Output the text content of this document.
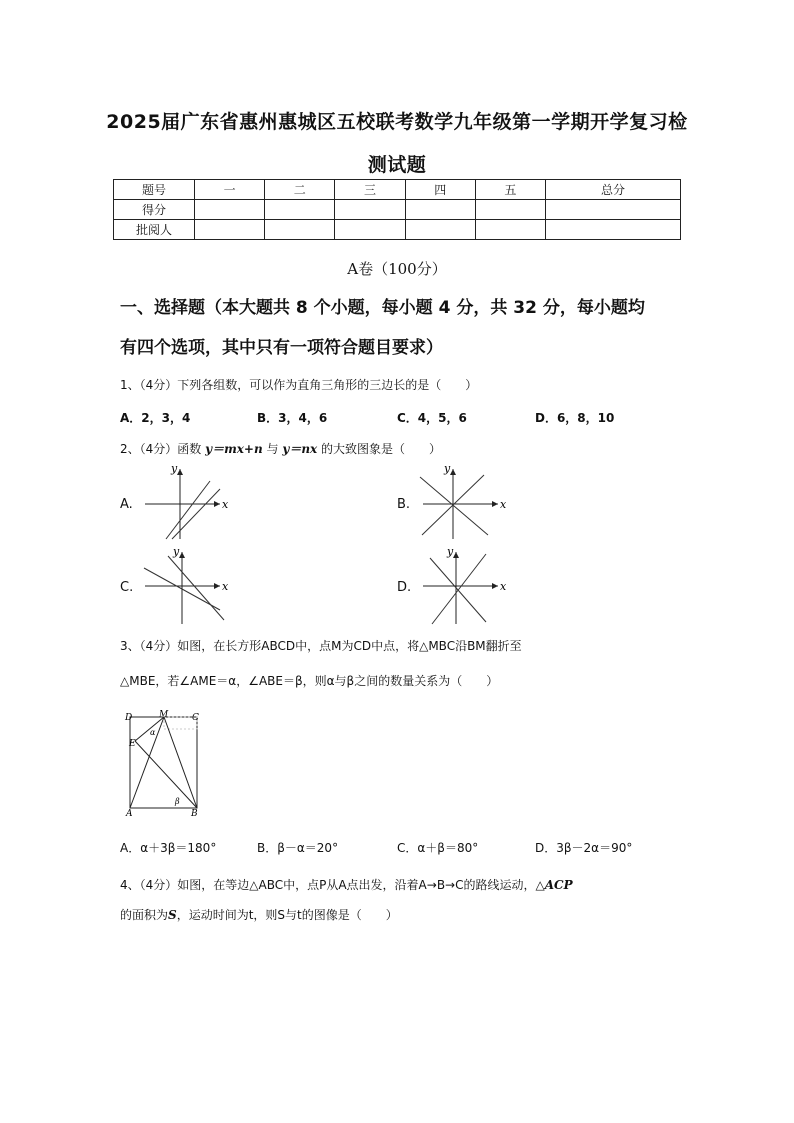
2025届广东省惠州惠城区五校联考数学九年级第一学期开学复习检
测试题
题号	一	二	三	四	五	总分
得分						
批阅人						
A卷（100分）
一、选择题（本大题共 8 个小题，每小题 4 分，共 32 分，每小题均
有四个选项，其中只有一项符合题目要求）
1、（4分）下列各组数，可以作为直角三角形的三边长的是（　　）
A．2，3，4	B．3，4，6	C．4，5，6	D．6，8，10
2、（4分）函数 y＝mx+n 与 y＝nx 的大致图象是（　　）
A.	x
y
B.	x
y
C.	x
y
D.	x
y
3、（4分）如图，在长方形ABCD中，点M为CD中点，将△MBC沿BM翻折至
△MBE，若∠AME＝α，∠ABE＝β，则α与β之间的数量关系为（　　）
D	M	C
E
A	B
α
β
A．α＋3β＝180°	B．β－α＝20°	C．α＋β＝80°	D．3β－2α＝90°
4、（4分）如图，在等边△ABC中，点P从A点出发，沿着A→B→C的路线运动，△ACP
的面积为S，运动时间为t，则S与t的图像是（　　）
